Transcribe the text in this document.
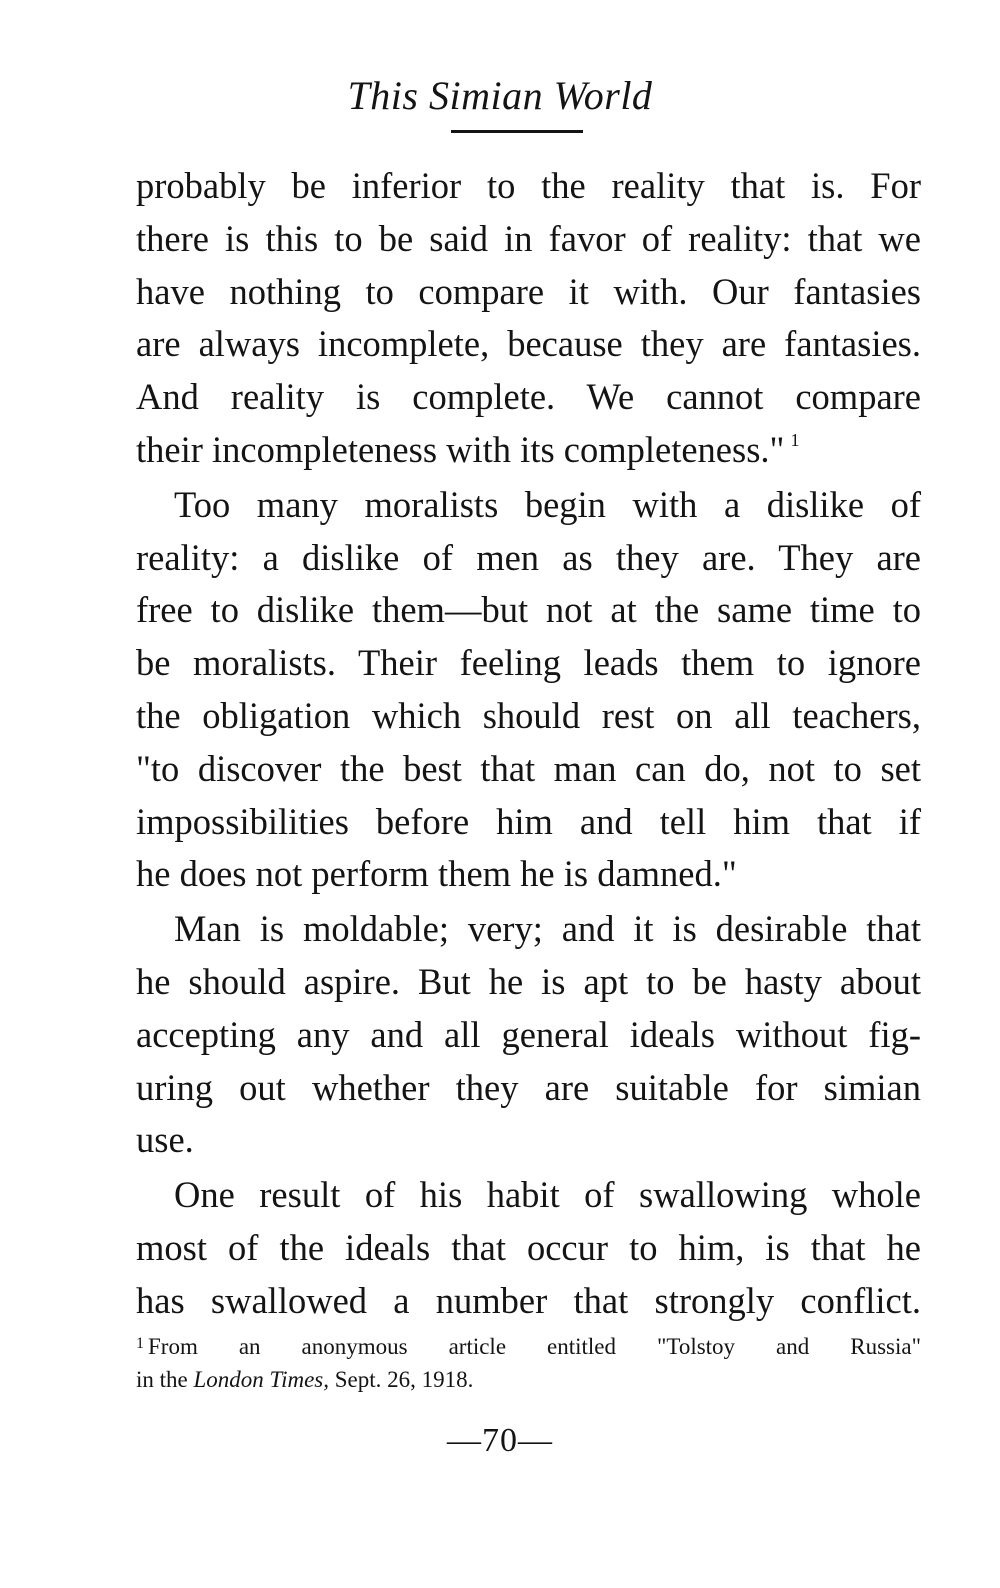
This Simian World
probably be inferior to the reality that is. For
there is this to be said in favor of reality: that we
have nothing to compare it with. Our fantasies
are always incomplete, because they are fantasies.
And reality is complete. We cannot compare
their incompleteness with its completeness." $^1$
Too many moralists begin with a dislike of
reality: a dislike of men as they are. They are
free to dislike them—but not at the same time to
be moralists. Their feeling leads them to ignore
the obligation which should rest on all teachers,
"to discover the best that man can do, not to set
impossibilities before him and tell him that if
he does not perform them he is damned."
Man is moldable; very; and it is desirable that
he should aspire. But he is apt to be hasty about
accepting any and all general ideals without fig-
uring out whether they are suitable for simian
use.
One result of his habit of swallowing whole
most of the ideals that occur to him, is that he
has swallowed a number that strongly conflict.
$^1$ From an anonymous article entitled "Tolstoy and Russia"
in the London Times, Sept. 26, 1918.
—70—
